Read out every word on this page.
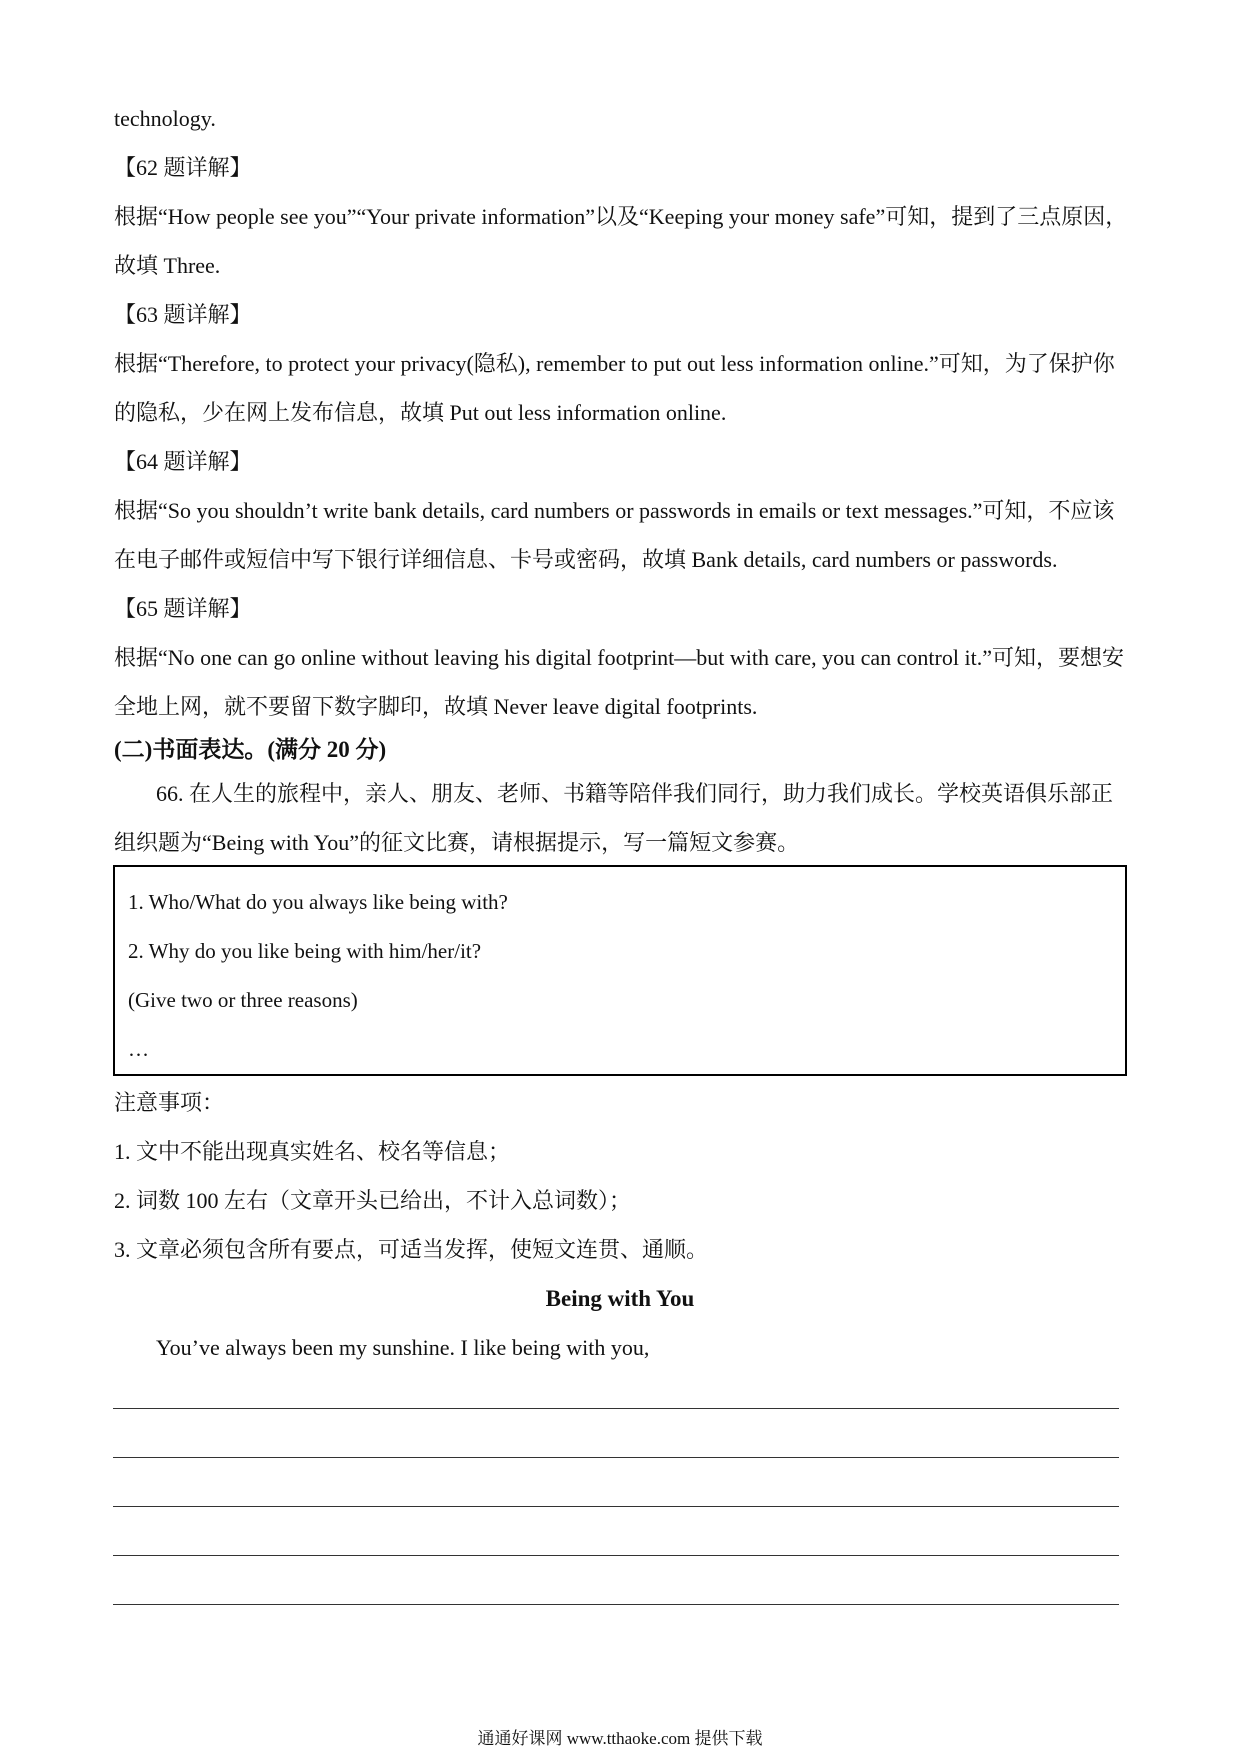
technology.
【62 题详解】
根据“How people see you”“Your private information”以及“Keeping your money safe”可知，提到了三点原因，
故填 Three.
【63 题详解】
根据“Therefore, to protect your privacy(隐私), remember to put out less information online.”可知，为了保护你
的隐私，少在网上发布信息，故填 Put out less information online.
【64 题详解】
根据“So you shouldn’t write bank details, card numbers or passwords in emails or text messages.”可知，不应该
在电子邮件或短信中写下银行详细信息、卡号或密码，故填 Bank details, card numbers or passwords.
【65 题详解】
根据“No one can go online without leaving his digital footprint—but with care, you can control it.”可知，要想安
全地上网，就不要留下数字脚印，故填 Never leave digital footprints.
(二)书面表达。(满分 20 分)
66. 在人生的旅程中，亲人、朋友、老师、书籍等陪伴我们同行，助力我们成长。学校英语俱乐部正
组织题为“Being with You”的征文比赛，请根据提示，写一篇短文参赛。
1. Who/What do you always like being with?
2. Why do you like being with him/her/it?
(Give two or three reasons)
…
注意事项：
1. 文中不能出现真实姓名、校名等信息；
2. 词数 100 左右（文章开头已给出，不计入总词数）；
3. 文章必须包含所有要点，可适当发挥，使短文连贯、通顺。
Being with You
You’ve always been my sunshine. I like being with you,
通通好课网 www.tthaoke.com 提供下载
